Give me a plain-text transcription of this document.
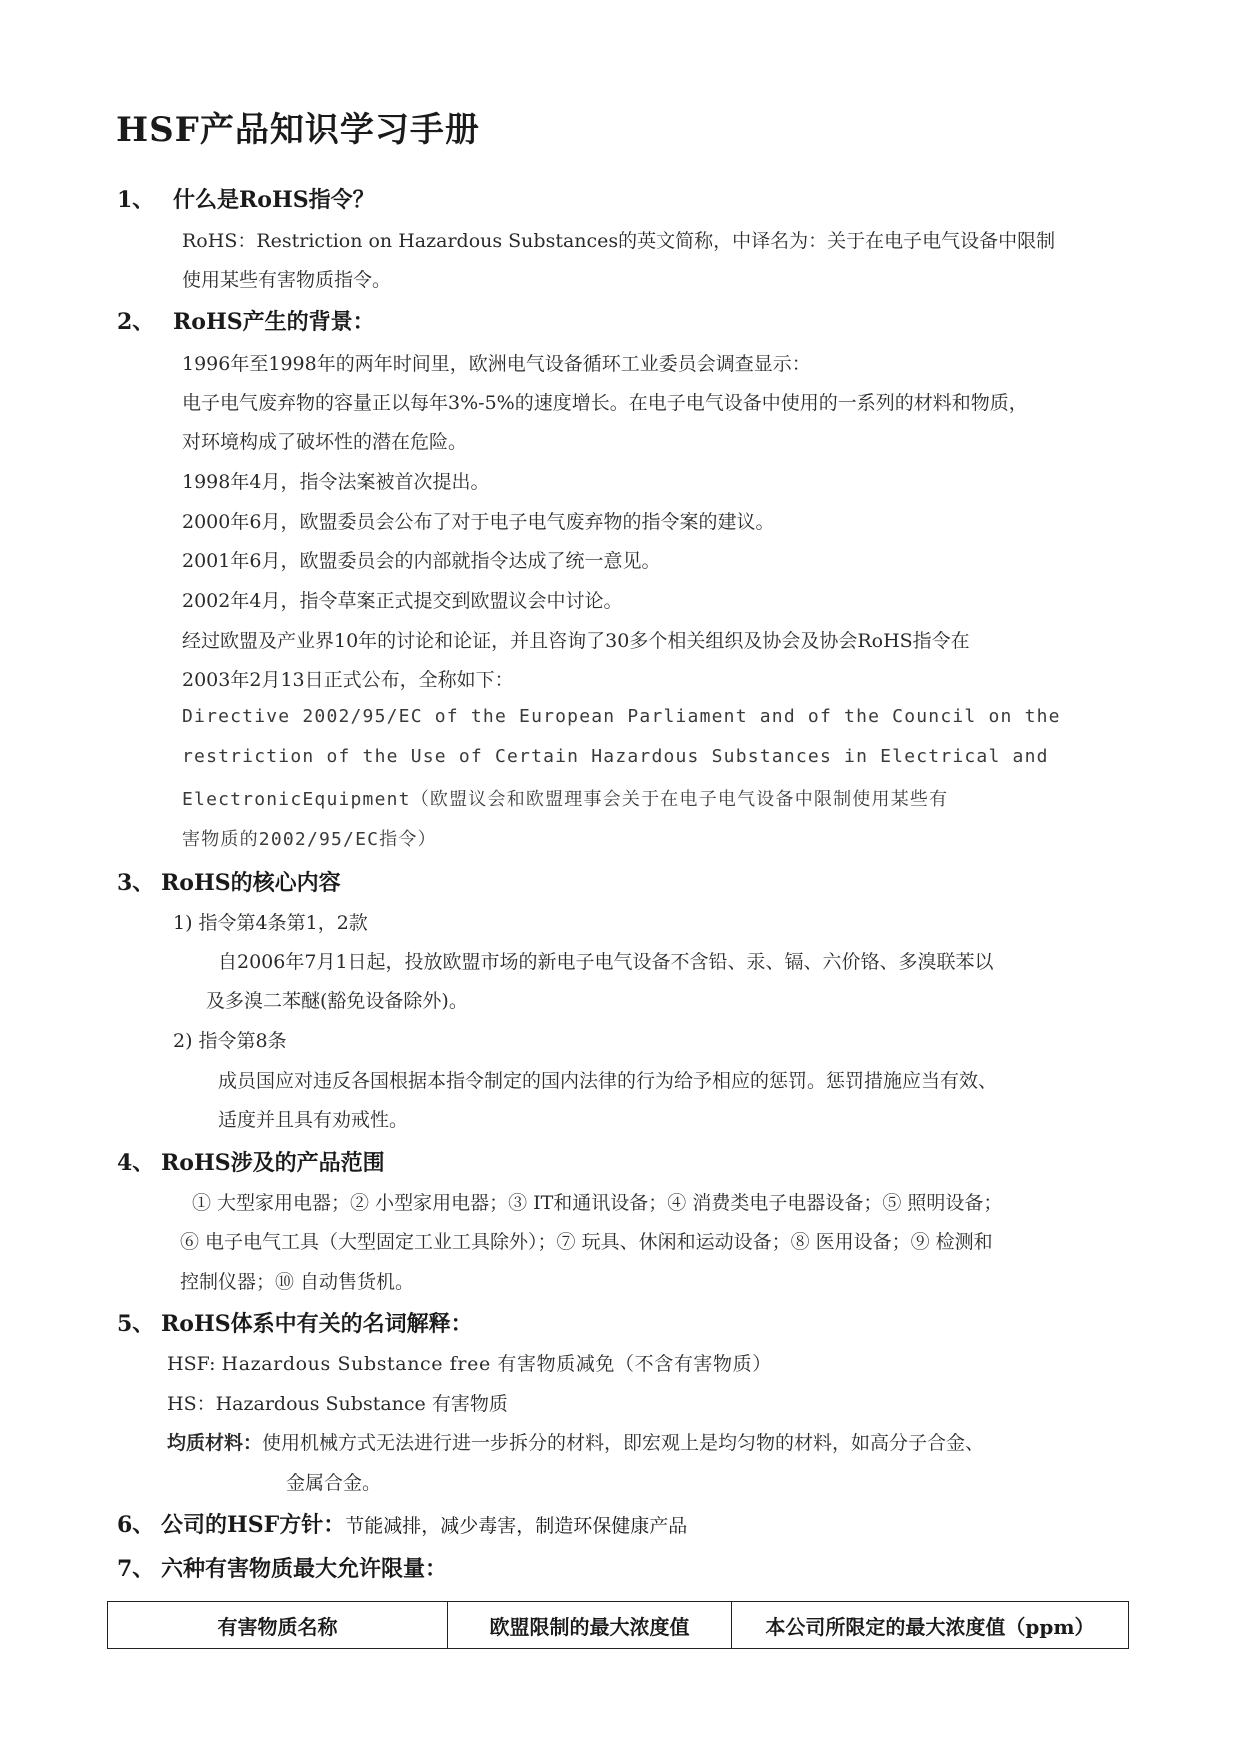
HSF产品知识学习手册
1、 什么是RoHS指令？
RoHS：Restriction on Hazardous Substances的英文简称，中译名为：关于在电子电气设备中限制
使用某些有害物质指令。
2、 RoHS产生的背景：
1996年至1998年的两年时间里，欧洲电气设备循环工业委员会调查显示：
电子电气废弃物的容量正以每年3%-5%的速度增长。在电子电气设备中使用的一系列的材料和物质，
对环境构成了破坏性的潜在危险。
1998年4月，指令法案被首次提出。
2000年6月，欧盟委员会公布了对于电子电气废弃物的指令案的建议。
2001年6月，欧盟委员会的内部就指令达成了统一意见。
2002年4月，指令草案正式提交到欧盟议会中讨论。
经过欧盟及产业界10年的讨论和论证，并且咨询了30多个相关组织及协会及协会RoHS指令在
2003年2月13日正式公布，全称如下：
Directive 2002/95/EC of the European Parliament and of the Council on the
restriction of the Use of Certain Hazardous Substances in Electrical and
ElectronicEquipment（欧盟议会和欧盟理事会关于在电子电气设备中限制使用某些有
害物质的2002/95/EC指令）
3、 RoHS的核心内容
1) 指令第4条第1，2款
自2006年7月1日起，投放欧盟市场的新电子电气设备不含铅、汞、镉、六价铬、多溴联苯以
及多溴二苯醚(豁免设备除外)。
2) 指令第8条
成员国应对违反各国根据本指令制定的国内法律的行为给予相应的惩罚。惩罚措施应当有效、
适度并且具有劝戒性。
4、 RoHS涉及的产品范围
① 大型家用电器；② 小型家用电器；③ IT和通讯设备；④ 消费类电子电器设备；⑤ 照明设备；
⑥ 电子电气工具（大型固定工业工具除外）；⑦ 玩具、休闲和运动设备；⑧ 医用设备；⑨ 检测和
控制仪器；⑩ 自动售货机。
5、 RoHS体系中有关的名词解释：
HSF: Hazardous Substance free 有害物质减免（不含有害物质）
HS：Hazardous Substance 有害物质
均质材料：使用机械方式无法进行进一步拆分的材料，即宏观上是均匀物的材料，如高分子合金、
金属合金。
6、 公司的HSF方针：节能减排，减少毒害，制造环保健康产品
7、 六种有害物质最大允许限量：
有害物质名称	欧盟限制的最大浓度值	本公司所限定的最大浓度值（ppm）
